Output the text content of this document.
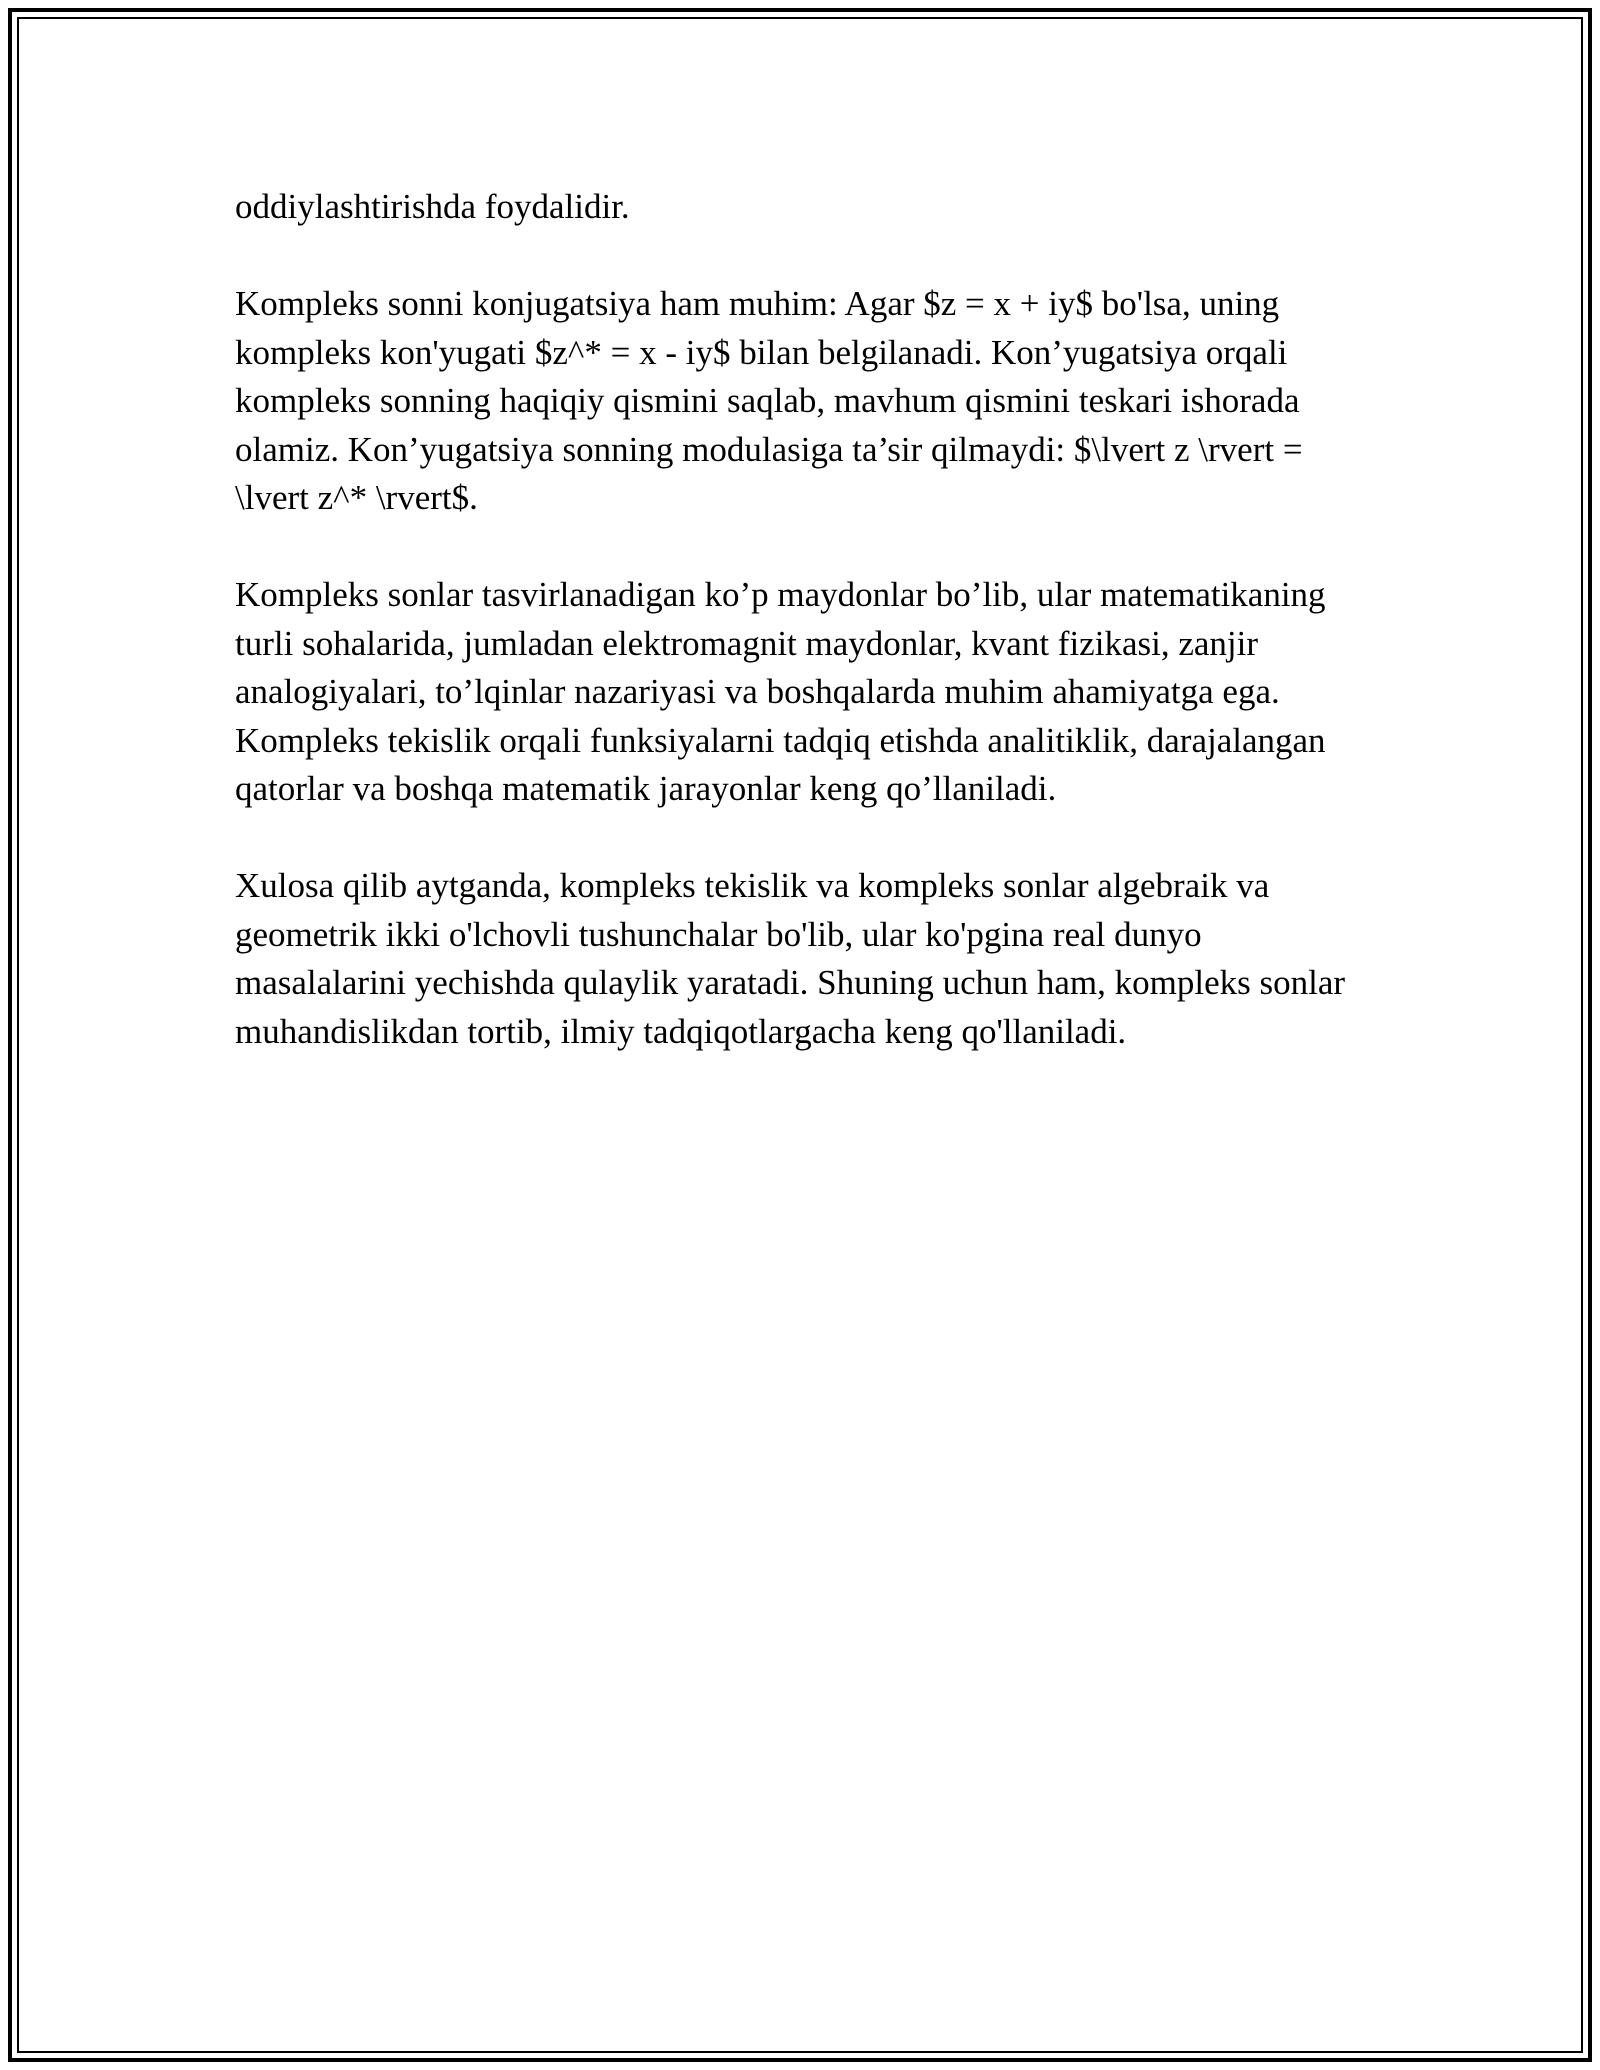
oddiylashtirishda foydalidir.

Kompleks sonni konjugatsiya ham muhim: Agar $z = x + iy$ bo'lsa, uning kompleks kon'yugati $z^* = x - iy$ bilan belgilanadi. Kon’yugatsiya orqali kompleks sonning haqiqiy qismini saqlab, mavhum qismini teskari ishorada olamiz. Kon’yugatsiya sonning modulasiga ta’sir qilmaydi: $\lvert z \rvert = \lvert z^* \rvert$.

Kompleks sonlar tasvirlanadigan ko’p maydonlar bo’lib, ular matematikaning turli sohalarida, jumladan elektromagnit maydonlar, kvant fizikasi, zanjir analogiyalari, to’lqinlar nazariyasi va boshqalarda muhim ahamiyatga ega. Kompleks tekislik orqali funksiyalarni tadqiq etishda analitiklik, darajalangan qatorlar va boshqa matematik jarayonlar keng qo’llaniladi.

Xulosa qilib aytganda, kompleks tekislik va kompleks sonlar algebraik va geometrik ikki o'lchovli tushunchalar bo'lib, ular ko'pgina real dunyo masalalarini yechishda qulaylik yaratadi. Shuning uchun ham, kompleks sonlar muhandislikdan tortib, ilmiy tadqiqotlargacha keng qo'llaniladi.
